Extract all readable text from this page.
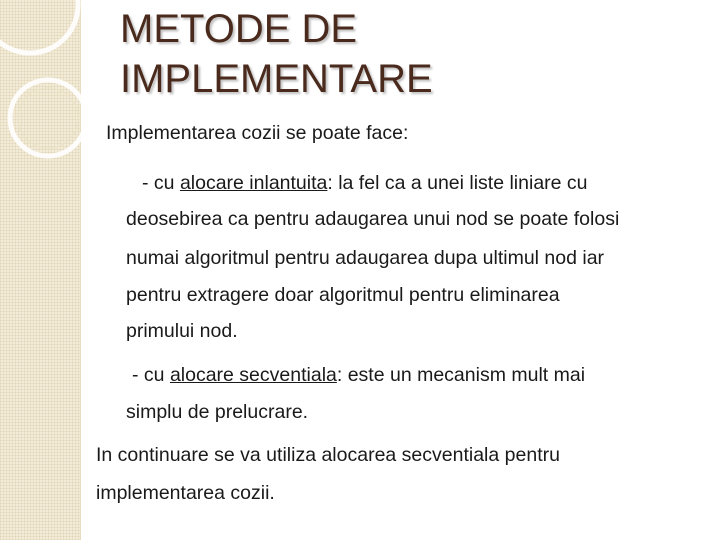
METODE DE
IMPLEMENTARE
Implementarea cozii se poate face:
- cu alocare inlantuita: la fel ca a unei liste liniare cu
deosebirea ca pentru adaugarea unui nod se poate folosi
numai algoritmul pentru adaugarea dupa ultimul nod iar
pentru extragere doar algoritmul pentru eliminarea
primului nod.
- cu alocare secventiala: este un mecanism mult mai
simplu de prelucrare.
In continuare se va utiliza alocarea secventiala pentru
implementarea cozii.
